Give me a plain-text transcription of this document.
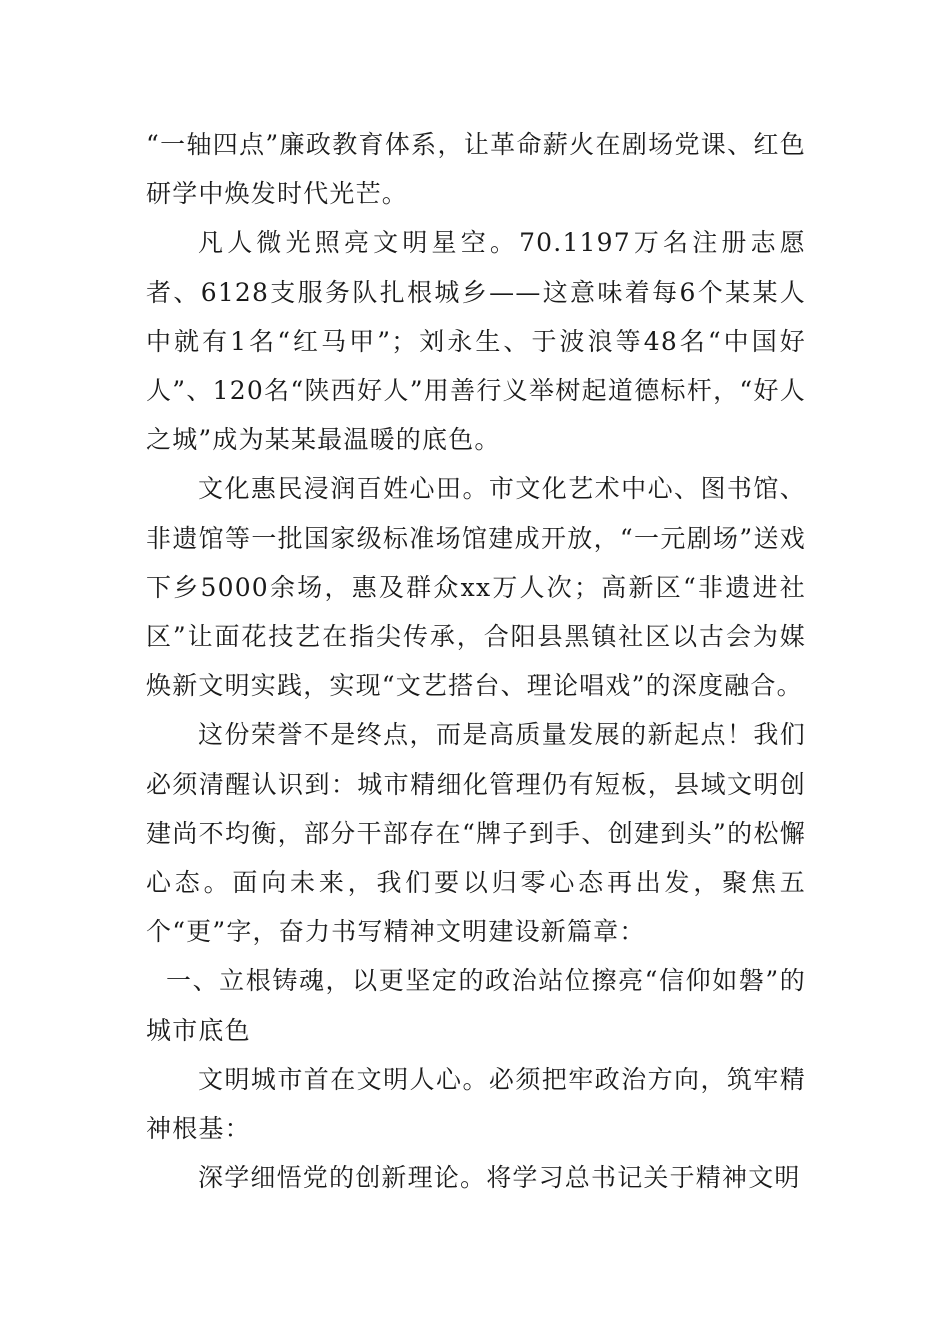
“一轴四点”廉政教育体系，让革命薪火在剧场党课、红色研学中焕发时代光芒。

凡人微光照亮文明星空。70.1197万名注册志愿者、6128支服务队扎根城乡——这意味着每6个某某人中就有1名“红马甲”；刘永生、于波浪等48名“中国好人”、120名“陕西好人”用善行义举树起道德标杆，“好人之城”成为某某最温暖的底色。

文化惠民浸润百姓心田。市文化艺术中心、图书馆、非遗馆等一批国家级标准场馆建成开放，“一元剧场”送戏下乡5000余场，惠及群众xx万人次；高新区“非遗进社区”让面花技艺在指尖传承，合阳县黑镇社区以古会为媒焕新文明实践，实现“文艺搭台、理论唱戏”的深度融合。

这份荣誉不是终点，而是高质量发展的新起点！我们必须清醒认识到：城市精细化管理仍有短板，县域文明创建尚不均衡，部分干部存在“牌子到手、创建到头”的松懈心态。面向未来，我们要以归零心态再出发，聚焦五个“更”字，奋力书写精神文明建设新篇章：

一、立根铸魂，以更坚定的政治站位擦亮“信仰如磐”的城市底色

文明城市首在文明人心。必须把牢政治方向，筑牢精神根基：

深学细悟党的创新理论。将学习总书记关于精神文明
